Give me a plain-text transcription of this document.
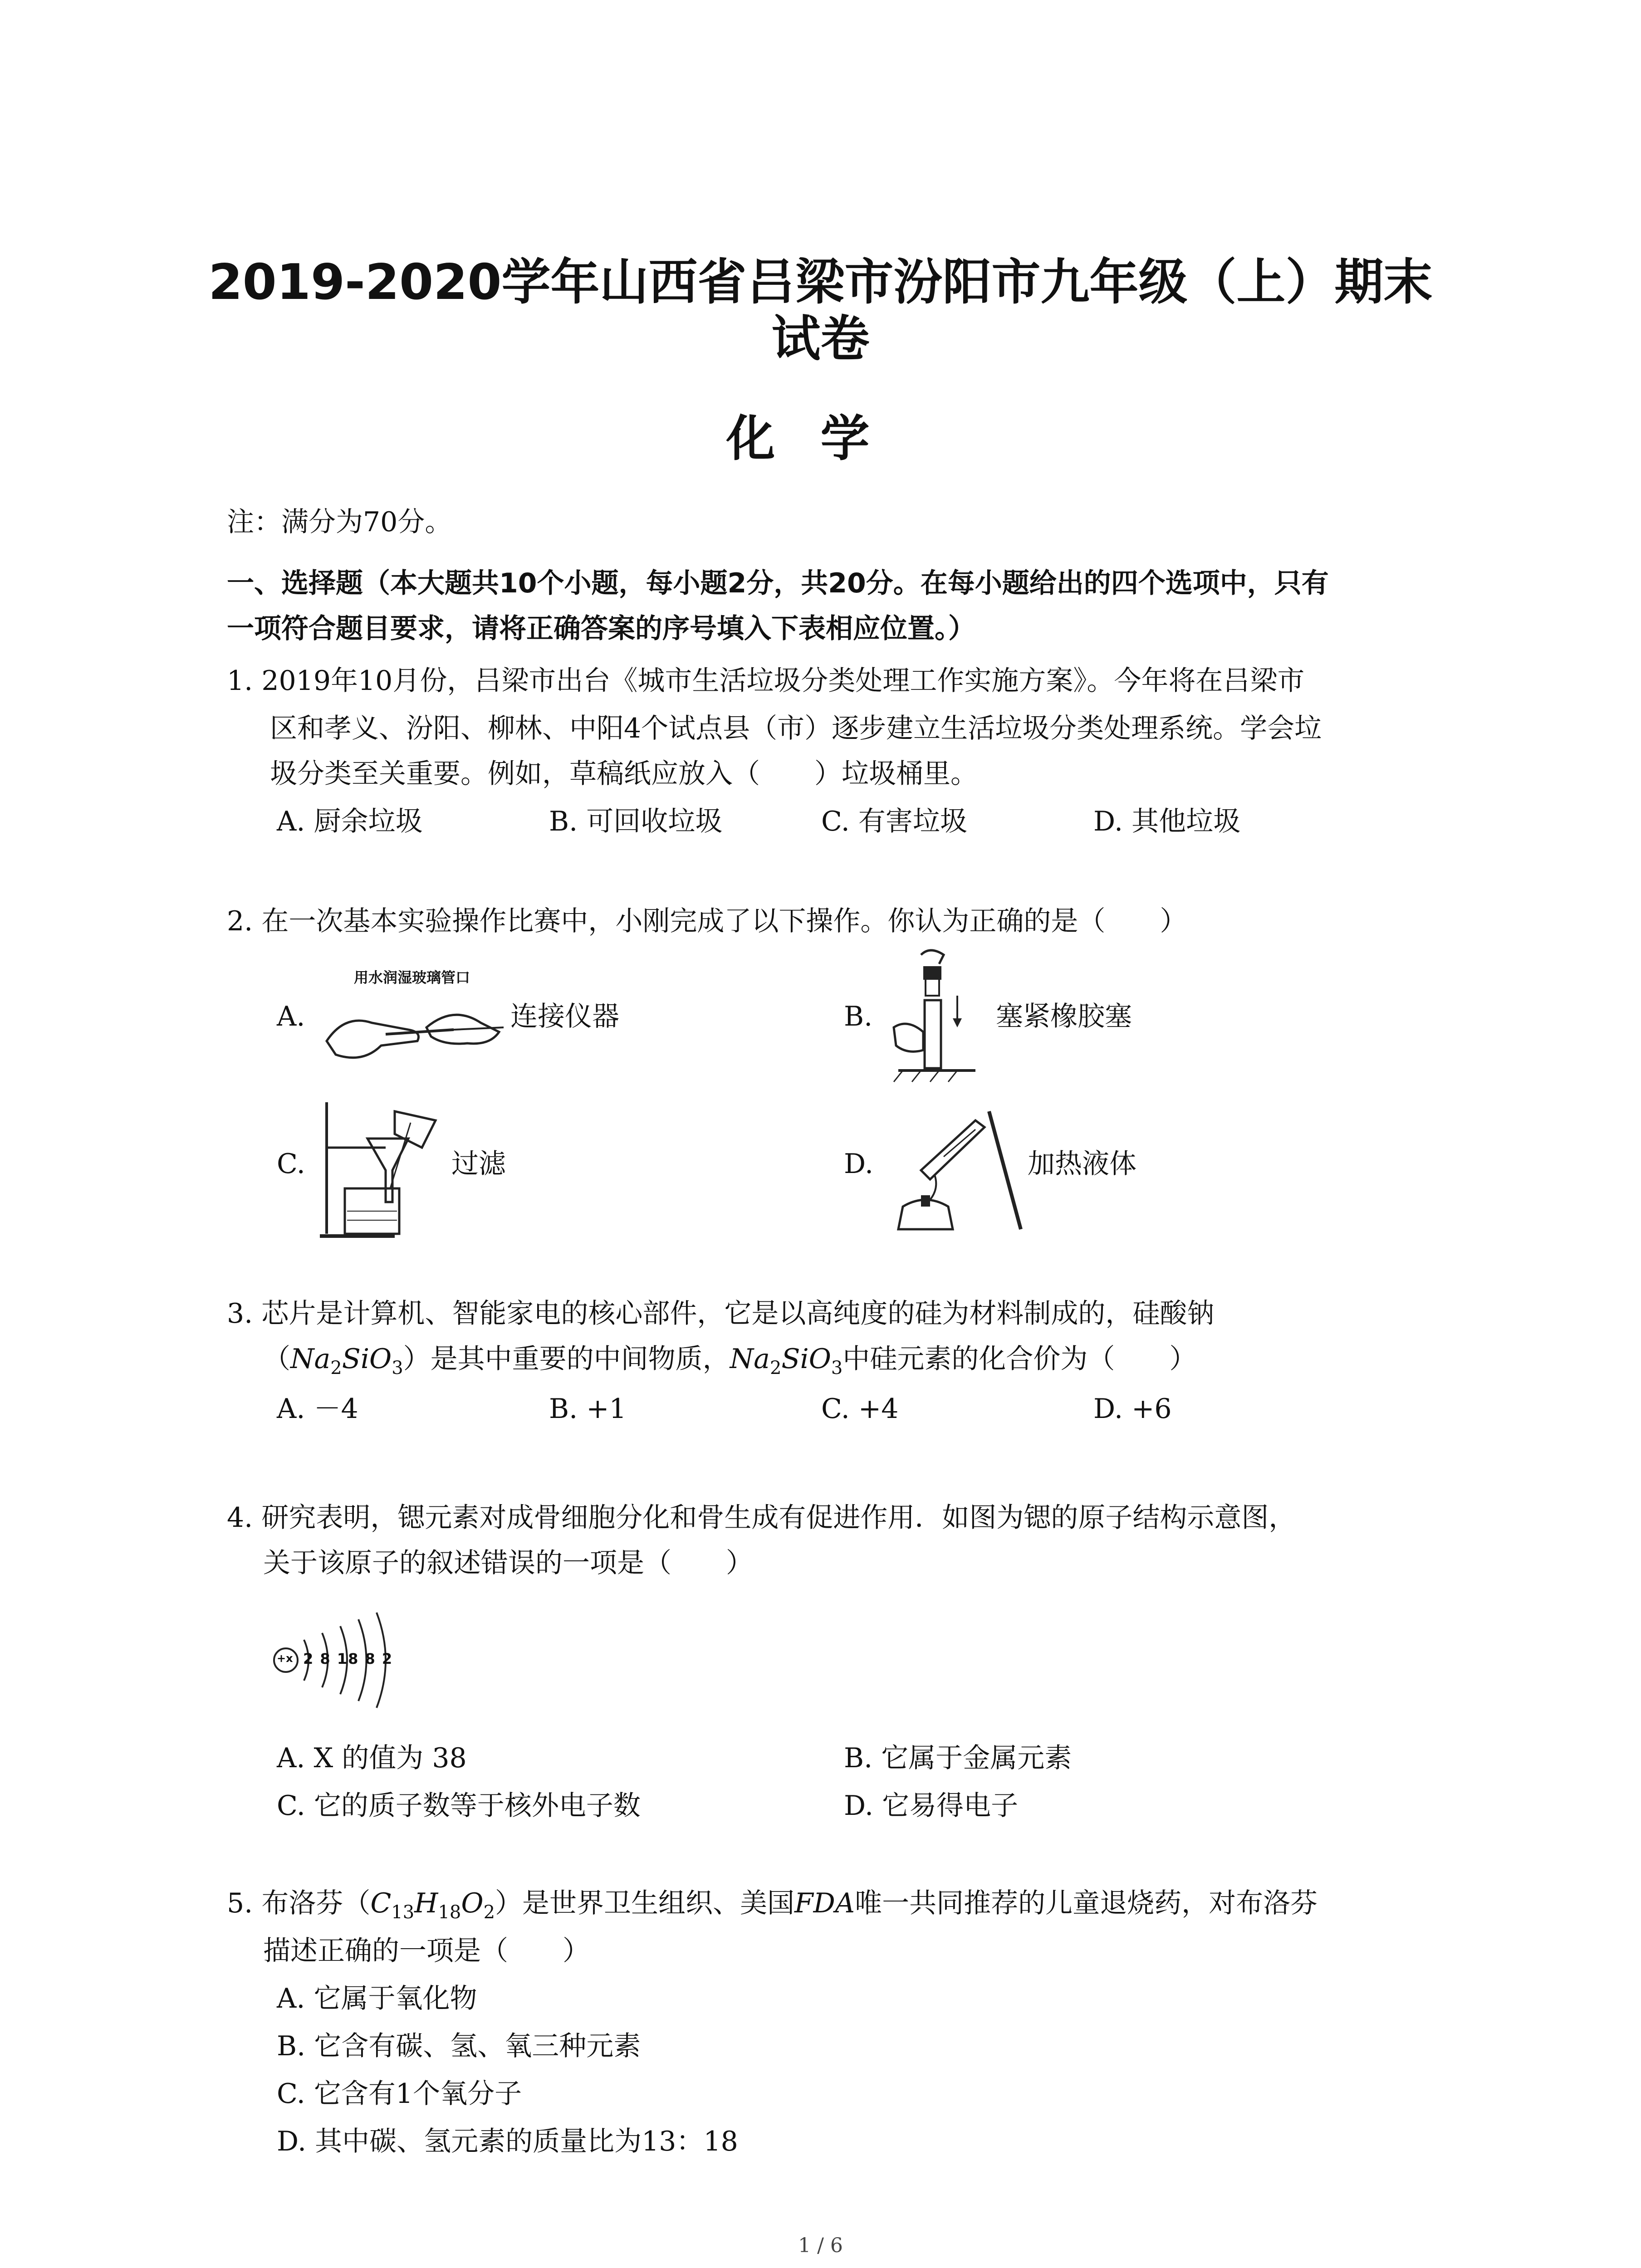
2019-2020学年山西省吕梁市汾阳市九年级（上）期末
试卷
化学
注：满分为70分。
一、选择题（本大题共10个小题，每小题2分，共20分。在每小题给出的四个选项中，只有
一项符合题目要求，请将正确答案的序号填入下表相应位置。）
1. 2019年10月份，吕梁市出台《城市生活垃圾分类处理工作实施方案》。今年将在吕梁市
区和孝义、汾阳、柳林、中阳4个试点县（市）逐步建立生活垃圾分类处理系统。学会垃
圾分类至关重要。例如，草稿纸应放入（　　）垃圾桶里。
A. 厨余垃圾	B. 可回收垃圾	C. 有害垃圾	D. 其他垃圾
2. 在一次基本实验操作比赛中，小刚完成了以下操作。你认为正确的是（　　）
A.
用水润湿玻璃管口
连接仪器	B.	塞紧橡胶塞
C.	过滤	D.	加热液体
3. 芯片是计算机、智能家电的核心部件，它是以高纯度的硅为材料制成的，硅酸钠
$(Na_2SiO_3)$是其中重要的中间物质，$Na_2SiO_3$中硅元素的化合价为（　　）
A. －4	B. +1	C. +4	D. +6
4. 研究表明，锶元素对成骨细胞分化和骨生成有促进作用．如图为锶的原子结构示意图，
关于该原子的叙述错误的一项是（　　）
+x 2 8 18 8 2
A. X 的值为 38	B. 它属于金属元素
C. 它的质子数等于核外电子数	D. 它易得电子
5. 布洛芬$(C_{13}H_{18}O_2)$是世界卫生组织、美国FDA唯一共同推荐的儿童退烧药，对布洛芬
描述正确的一项是（　　）
A. 它属于氧化物
B. 它含有碳、氢、氧三种元素
C. 它含有1个氧分子
D. 其中碳、氢元素的质量比为13：18
1 / 6
